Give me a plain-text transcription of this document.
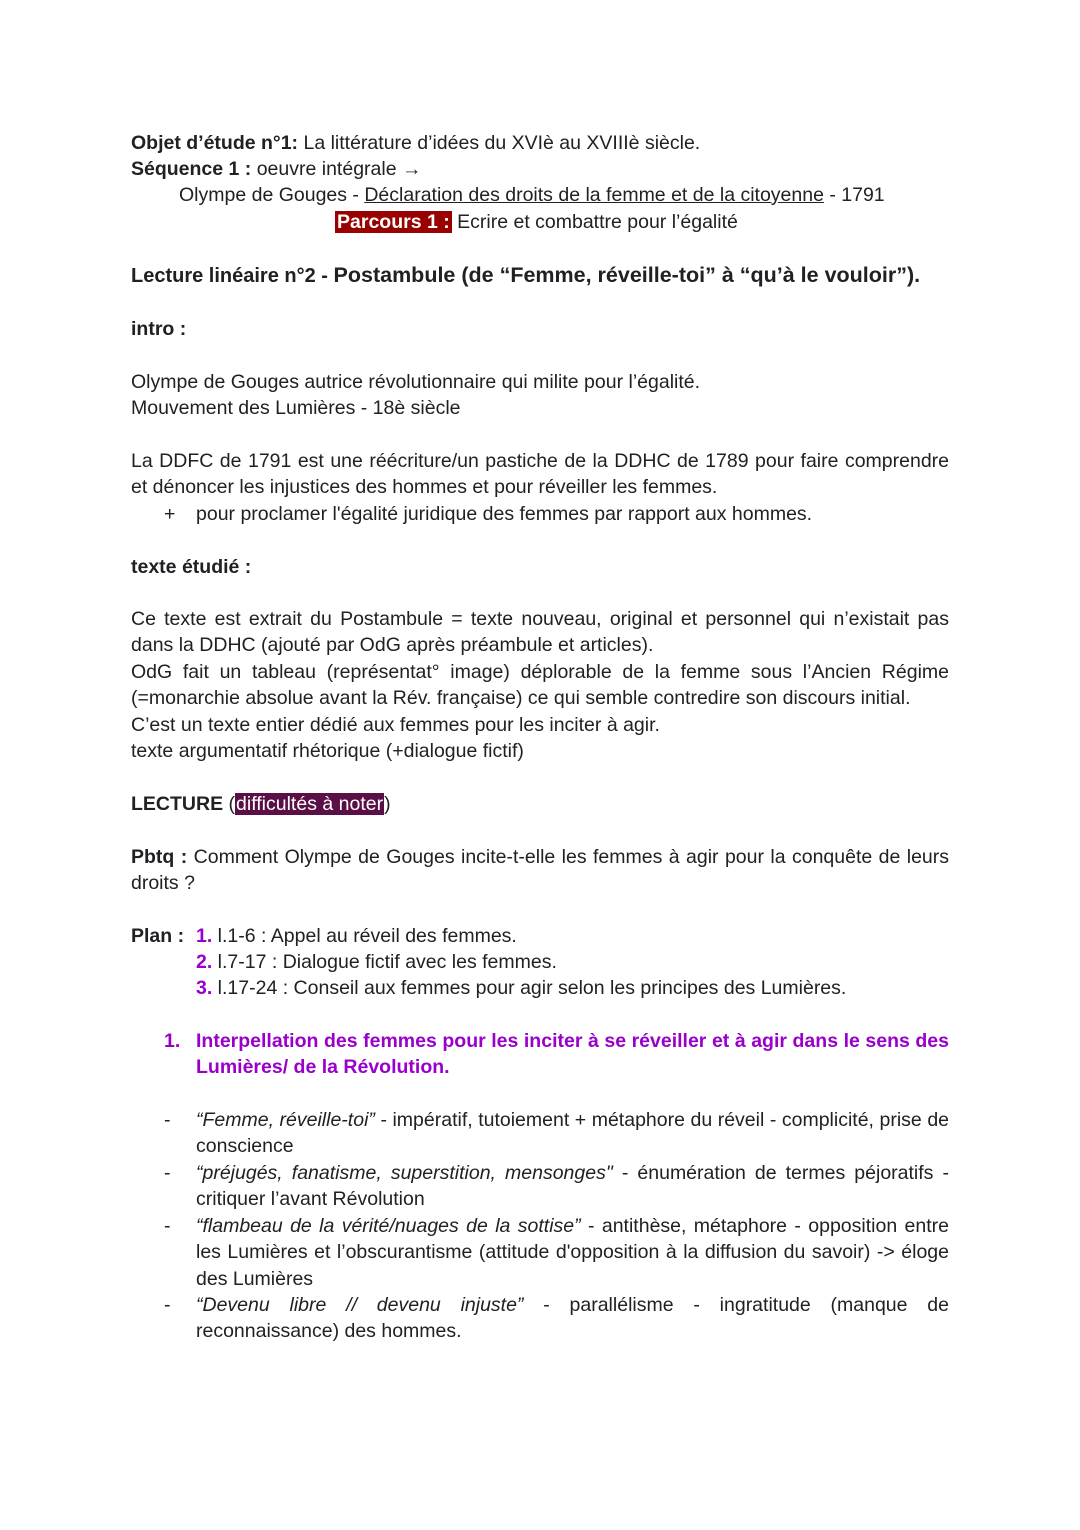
Objet d’étude n°1: La littérature d’idées du XVIè au XVIIIè siècle.
Séquence 1 : oeuvre intégrale →
Olympe de Gouges - Déclaration des droits de la femme et de la citoyenne - 1791
Parcours 1 : Ecrire et combattre pour l’égalité
Lecture linéaire n°2 - Postambule (de “Femme, réveille-toi” à “qu’à le vouloir”).
intro :
Olympe de Gouges autrice révolutionnaire qui milite pour l’égalité.
Mouvement des Lumières - 18è siècle
La DDFC de 1791 est une réécriture/un pastiche de la DDHC de 1789 pour faire comprendre et dénoncer les injustices des hommes et pour réveiller les femmes.
+ pour proclamer l'égalité juridique des femmes par rapport aux hommes.
texte étudié :
Ce texte est extrait du Postambule = texte nouveau, original et personnel qui n’existait pas dans la DDHC (ajouté par OdG après préambule et articles).
OdG fait un tableau (représentat° image) déplorable de la femme sous l’Ancien Régime (=monarchie absolue avant la Rév. française) ce qui semble contredire son discours initial.
C’est un texte entier dédié aux femmes pour les inciter à agir.
texte argumentatif rhétorique (+dialogue fictif)
LECTURE (difficultés à noter)
Pbtq : Comment Olympe de Gouges incite-t-elle les femmes à agir pour la conquête de leurs droits ?
Plan : 1. l.1-6 : Appel au réveil des femmes.
2. l.7-17 : Dialogue fictif avec les femmes.
3. l.17-24 : Conseil aux femmes pour agir selon les principes des Lumières.
1. Interpellation des femmes pour les inciter à se réveiller et à agir dans le sens des Lumières/ de la Révolution.
- “Femme, réveille-toi” - impératif, tutoiement + métaphore du réveil - complicité, prise de conscience
- “préjugés, fanatisme, superstition, mensonges" - énumération de termes péjoratifs - critiquer l’avant Révolution
- “flambeau de la vérité/nuages de la sottise” - antithèse, métaphore - opposition entre les Lumières et l’obscurantisme (attitude d'opposition à la diffusion du savoir) -> éloge des Lumières
- “Devenu libre // devenu injuste” - parallélisme - ingratitude (manque de reconnaissance) des hommes.
